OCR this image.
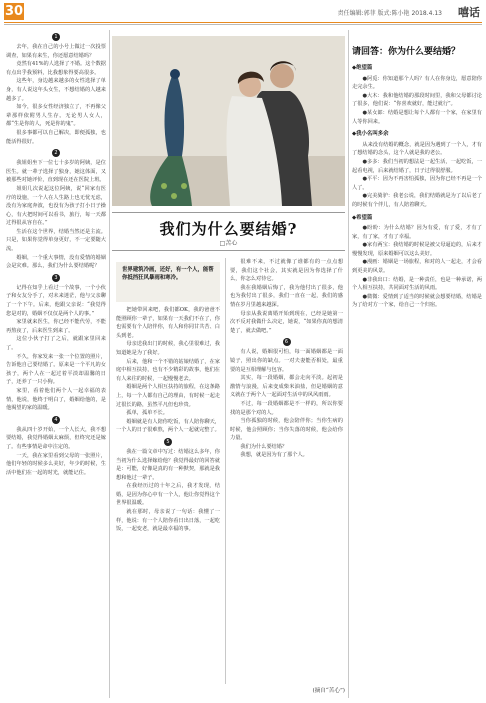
30	责任编辑:郭菲 版式:陈小艳 2018.4.13 嘻话
1

去年，我在自己的小号上做过一次投票调查，如果有来生，你还愿意结婚吗？

竟然有41%的人选择了不婚。这个数据有点出乎我预料，比我想象得要高很多。

这些年，身边越来越多的女性选择了单身，有人说这年头女生，不想结婚的人越来越多了。

如今，很多女性经济独立了，不再像父辈那样依附男人生存。无论男人女人，都“生是你的人，死是你的鬼”。

很多事都可以自己解决，即便孤独，也能活得很好。

2

我姐姐坐下一位七十多岁的阿姨，是位医生。就一辈子选择了独身，她这体面，又被那些对她评价，直到现在还在医院上班。

姐姐几次说起这位阿姨，说“回家有医疗的设施，一个人在人生路上也无忧无虑，没有为家庭奔波，也没有为孩子打小日子操心，有大把时间可以看书，旅行，每一天都过得很从容自在。”

生活在这个世界，结婚当然还是主流。只是，如果你觉得单身更好，不一定要随大流。

婚姻，一个重大事情，没有爱情的婚姻会是灾难。那么，我们为什么要结婚呢？

3

记得在知乎上看过一个故事，一个小伙子和女友分手了，对未来迷茫，他与父亲聊了一个下午。后来，他跟父亲说：“我觉得您是对的，婚姻不仅仅是两个人的事。”

家里就来医生，你已经不能代劳，不能再熬夜了，后来医生到来了。

这位小伙子打了之后，就跟家里回来了。

不久，你家发来一张一个位置的照片，告诉他自己要结婚了。原来是一个平凡的女孩子，两个人在一起过着平淡却温馨的日子，还养了一只小狗。

家里，看着他们两个人一起幸福的表情，他说，他终于明白了，婚姻给他的，是他渴望的家的温暖。

4

我从四十岁开始，一个人长大，我不想要结婚，我觉得婚姻太麻烦，但终究还是嫁了。有些事情是命中注定的。

一天，我在家里看到父母的一张照片，他们年轻的时候多么美好，年少的时候，生活中他们在一起的时光，就能记住。

我们为什么要结婚?
□苦心
世界建筑冷画，还好，有一个人，能帮你抵挡狂风暴雨和寒冷。

把她带回来吧，我们都OK，我的爸爸不能照顾你一辈子，如果有一天我们不在了，你也需要有个人陪伴你，有人和你同甘共苦、白头到老。

母亲送我出门的时候，我心里很难过，我知道她是为了我好。

后来，他和一个不错的姑娘结婚了，在家庭中相互扶持，也有不少精彩的故事，他们在有人来往的时候，一起慢慢老去。

婚姻是两个人相互扶持的旅程，在这条路上，每一个人都有自己的理由，有时候一起走过很长的路，虽然平凡但也珍贵。

孤单，孤单不长。

婚姻就是有人陪你吃饭，有人陪你聊天，一个人的日子很难熬，两个人一起就完整了。

5

我在一篇文章中写过：结婚这么多年，你当初为什么选择嫁给他？我觉得最好的回答就是：可能，好像是真的有一种默契，那就是我想和他过一辈子。

在我经历过的十年之后，我才发现，结婚，是因为你心中有一个人，他让你觉得这个世界很温暖。

就在那时，母亲说了一句话：我懂了一样，他说：有一个人陪你看日出日落，一起吃饭，一起变老，就是最幸福的事。

很难不来，不过就像了谁都有的一点点想要，我们这个社会，其实就是因为你选择了什么，你怎么对待它。

我在我婚姻后悔了，我为他付出了很多，他也为我付出了很多，我们一直在一起，我们的感情在岁月里越来越深。

母亲从我说离婚开始到现在，已经是她第一次不反对我做什么决定，她说，“如果你真的想清楚了，就去做吧。”

6

有人说，婚姻很可怕，每一面婚姻都是一面镜子，照出你的缺点。一对夫妻能否相处，最重要的是互相理解与包容。

其实，每一段婚姻，都会走向平淡。起初是激情与浪漫，后来变成柴米油盐，但是婚姻的意义就在于两个人一起面对生活中的风风雨雨。

不过，每一段婚姻都是不一样的，所以你要找的是那个对的人。

当你孤独的时候，他会陪伴你；当你生病的时候，他会照顾你；当你失落的时候，他会给你力量。

我们为什么要结婚？

我想，就是因为有了那个人。

(摘自“苦心”)
请回答：你为什么要结婚？

◆绝望篇

●阿觅：你知道那个人吗？有人在你身边，愿意陪你走完余生。

●大木：我和他结婚的那段时间里，我和父母都讨论了很多，他们说：“你喜欢就好，能过就行”。

●某女郎：结婚是想让每个人都有一个家，在家里有人等你回来。

◆我小名叫多余

从来没有结婚的概念，就是因为遇到了一个人，才有了想结婚的念头，这个人就是我的老公。

●多多：我们当初的想法是一起生活，一起吃饭，一起看电视，后来就结婚了，日子过得很舒服。

●平平：因为不再害怕孤独，因为你已经不再是一个人了。

●完美骑驴：我老公说，我们结婚就是为了以后老了的时候有个伴儿，有人陪着聊天。

◆希望篇

●盼盼：为什么结婚？因为有爱，有了爱，才有了家，有了家，才有了幸福。

●家有两宝：我结婚的时候是被父母逼迫的，后来才慢慢发现，原来婚姻可以这么美好。

●漫画：婚姻是一场旅程，和对的人一起走，才会看到更美的风景。

●非我出口：结婚，是一种责任，也是一种承诺，两个人相互扶持，共同面对生活的风雨。

●微微：爱情到了适当的时候就会想要结婚，结婚是为了给对方一个家，给自己一个归宿。
